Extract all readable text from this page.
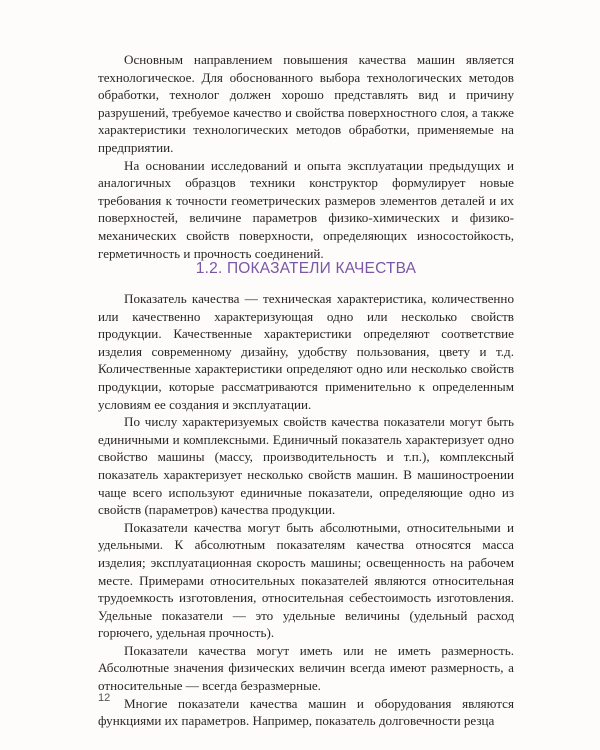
Основным направлением повышения качества машин является технологическое. Для обоснованного выбора технологических методов обработки, технолог должен хорошо представлять вид и причину разрушений, требуемое качество и свойства поверхностного слоя, а также характеристики технологических методов обработки, применяемые на предприятии.

На основании исследований и опыта эксплуатации предыдущих и аналогичных образцов техники конструктор формулирует новые требования к точности геометрических размеров элементов деталей и их поверхностей, величине параметров физико-химических и физико-механических свойств поверхности, определяющих износостойкость, герметичность и прочность соединений.

1.2. ПОКАЗАТЕЛИ КАЧЕСТВА

Показатель качества — техническая характеристика, количественно или качественно характеризующая одно или несколько свойств продукции. Качественные характеристики определяют соответствие изделия современному дизайну, удобству пользования, цвету и т.д. Количественные характеристики определяют одно или несколько свойств продукции, которые рассматриваются применительно к определенным условиям ее создания и эксплуатации.

По числу характеризуемых свойств качества показатели могут быть единичными и комплексными. Единичный показатель характеризует одно свойство машины (массу, производительность и т.п.), комплексный показатель характеризует несколько свойств машин. В машиностроении чаще всего используют единичные показатели, определяющие одно из свойств (параметров) качества продукции.

Показатели качества могут быть абсолютными, относительными и удельными. К абсолютным показателям качества относятся масса изделия; эксплуатационная скорость машины; освещенность на рабочем месте. Примерами относительных показателей являются относительная трудоемкость изготовления, относительная себестоимость изготовления. Удельные показатели — это удельные величины (удельный расход горючего, удельная прочность).

Показатели качества могут иметь или не иметь размерность. Абсолютные значения физических величин всегда имеют размерность, а относительные — всегда безразмерные.

Многие показатели качества машин и оборудования являются функциями их параметров. Например, показатель долговечности резца

12
